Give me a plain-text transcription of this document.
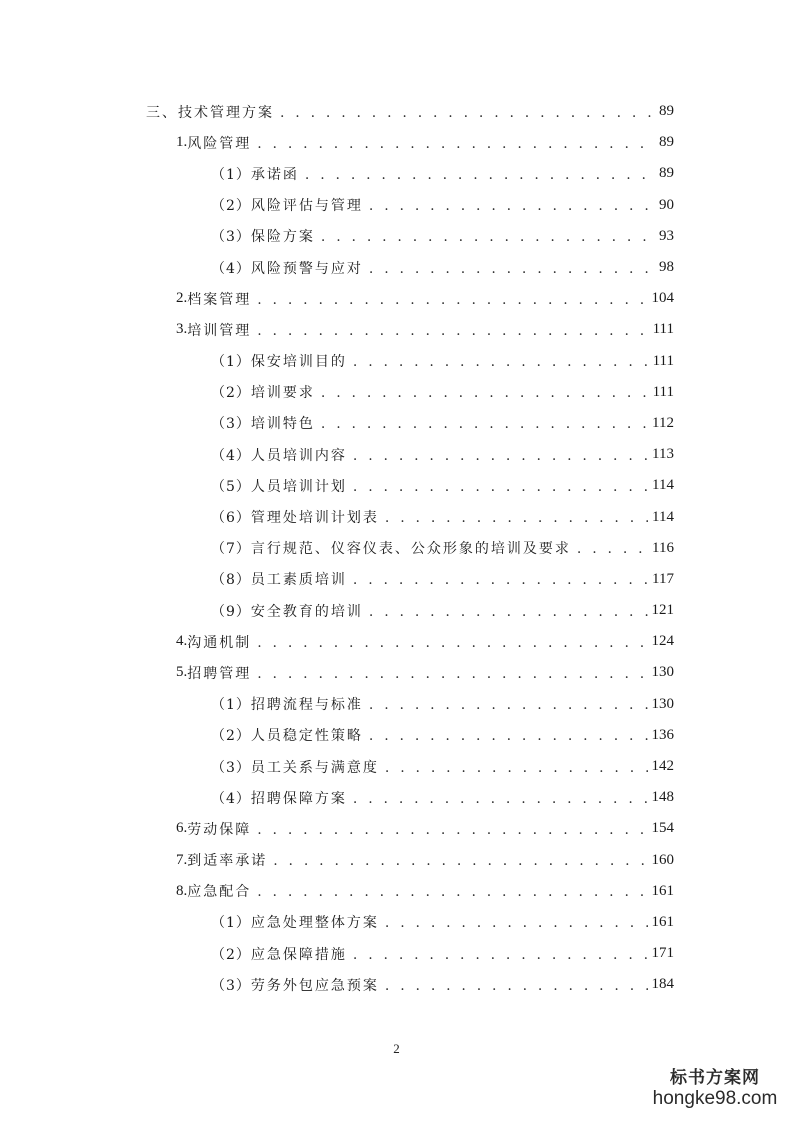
三、 技术管理方案 . . .	89
1. 风险管理 . . .	89
（1） 承诺函 . . .	89
（2） 风险评估与管理 . . .	90
（3） 保险方案 . . .	93
（4） 风险预警与应对 . . .	98
2. 档案管理 . . .	104
3. 培训管理 . . .	111
（1） 保安培训目的 . . .	111
（2） 培训要求 . . .	111
（3） 培训特色 . . .	112
（4） 人员培训内容 . . .	113
（5） 人员培训计划 . . .	114
（6） 管理处培训计划表 . . .	114
（7） 言行规范、仪容仪表、公众形象的培训及要求 . . .	116
（8） 员工素质培训 . . .	117
（9） 安全教育的培训 . . .	121
4. 沟通机制 . . .	124
5. 招聘管理 . . .	130
（1） 招聘流程与标准 . . .	130
（2） 人员稳定性策略 . . .	136
（3） 员工关系与满意度 . . .	142
（4） 招聘保障方案 . . .	148
6. 劳动保障 . . .	154
7. 到适率承诺 . . .	160
8. 应急配合 . . .	161
（1） 应急处理整体方案 . . .	161
（2） 应急保障措施 . . .	171
（3） 劳务外包应急预案 . . .	184
2
标书方案网
hongke98.com
